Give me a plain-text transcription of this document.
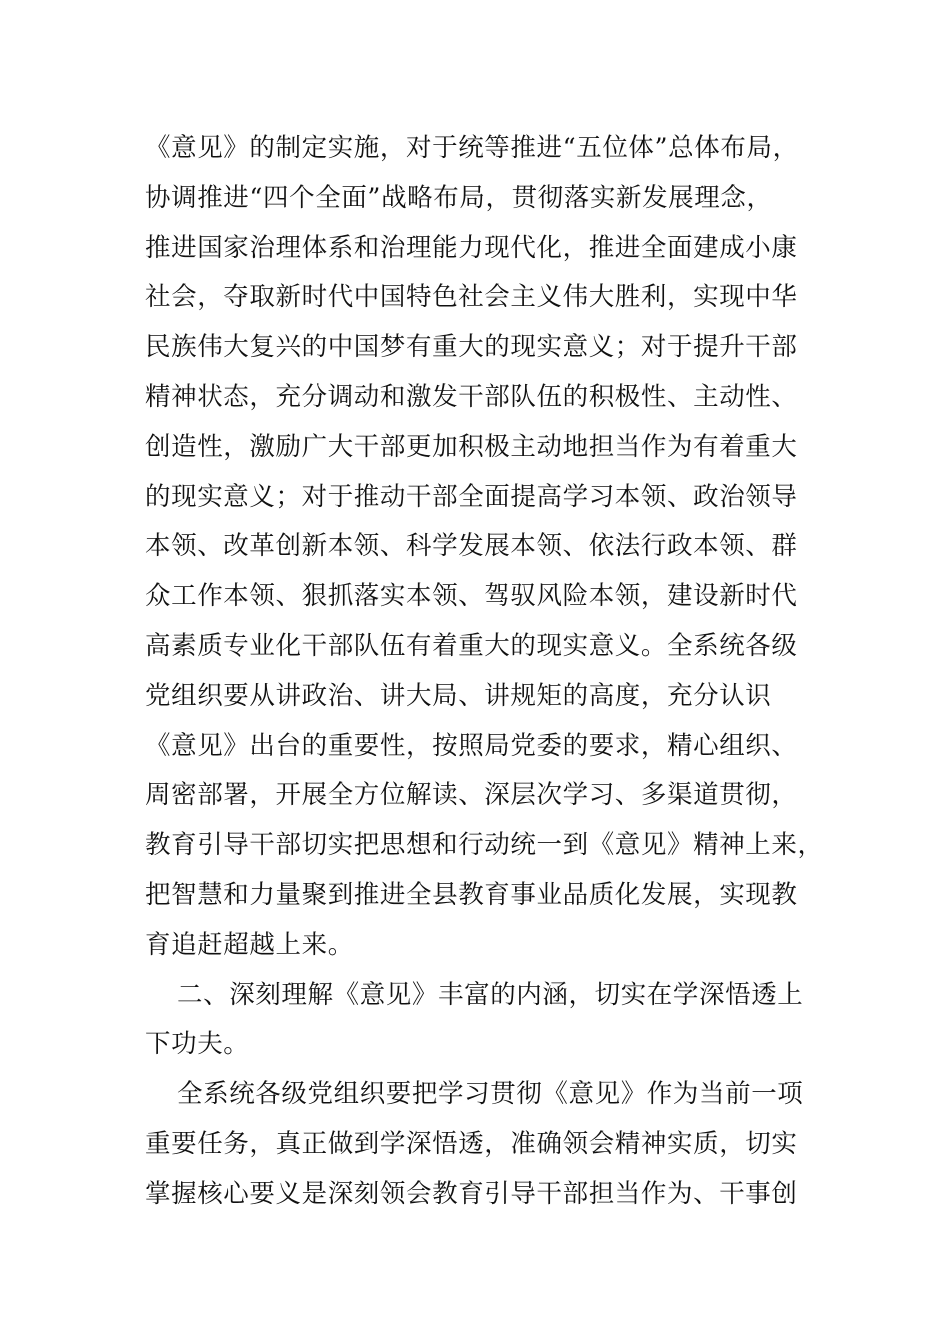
《意见》的制定实施，对于统等推进“五位体”总体布局，
协调推进“四个全面”战略布局，贯彻落实新发展理念，
推进国家治理体系和治理能力现代化，推进全面建成小康
社会，夺取新时代中国特色社会主义伟大胜利，实现中华
民族伟大复兴的中国梦有重大的现实意义；对于提升干部
精神状态，充分调动和激发干部队伍的积极性、主动性、
创造性，激励广大干部更加积极主动地担当作为有着重大
的现实意义；对于推动干部全面提高学习本领、政治领导
本领、改革创新本领、科学发展本领、依法行政本领、群
众工作本领、狠抓落实本领、驾驭风险本领，建设新时代
高素质专业化干部队伍有着重大的现实意义。全系统各级
党组织要从讲政治、讲大局、讲规矩的高度，充分认识
《意见》出台的重要性，按照局党委的要求，精心组织、
周密部署，开展全方位解读、深层次学习、多渠道贯彻，
教育引导干部切实把思想和行动统一到《意见》精神上来，
把智慧和力量聚到推进全县教育事业品质化发展，实现教
育追赶超越上来。
二、深刻理解《意见》丰富的内涵，切实在学深悟透上
下功夫。
全系统各级党组织要把学习贯彻《意见》作为当前一项
重要任务，真正做到学深悟透，准确领会精神实质，切实
掌握核心要义是深刻领会教育引导干部担当作为、干事创
